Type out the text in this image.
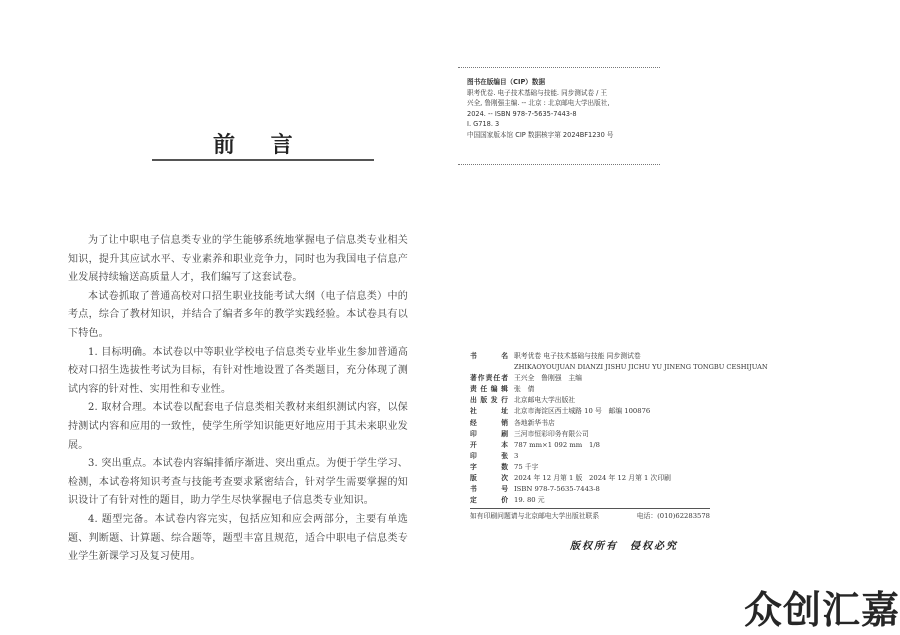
前 言

为了让中职电子信息类专业的学生能够系统地掌握电子信息类专业相关知识，提升其应试水平、专业素养和职业竞争力，同时也为我国电子信息产业发展持续输送高质量人才，我们编写了这套试卷。

本试卷抓取了普通高校对口招生职业技能考试大纲（电子信息类）中的考点，综合了教材知识，并结合了编者多年的教学实践经验。本试卷具有以下特色。

1. 目标明确。本试卷以中等职业学校电子信息类专业毕业生参加普通高校对口招生选拔性考试为目标，有针对性地设置了各类题目，充分体现了测试内容的针对性、实用性和专业性。

2. 取材合理。本试卷以配套电子信息类相关教材来组织测试内容，以保持测试内容和应用的一致性，使学生所学知识能更好地应用于其未来职业发展。

3. 突出重点。本试卷内容编排循序渐进、突出重点。为便于学生学习、检测，本试卷将知识考查与技能考查要求紧密结合，针对学生需要掌握的知识设计了有针对性的题目，助力学生尽快掌握电子信息类专业知识。

4. 题型完备。本试卷内容完实，包括应知和应会两部分，主要有单选题、判断题、计算题、综合题等，题型丰富且规范，适合中职电子信息类专业学生新课学习及复习使用。

图书在版编目（CIP）数据
职考优卷. 电子技术基础与技能. 同步测试卷 / 王
兴全, 鲁刚强主编. -- 北京 : 北京邮电大学出版社,
2024. -- ISBN 978-7-5635-7443-8
Ⅰ. G718. 3
中国国家版本馆 CIP 数据核字第 2024BF1230 号
书	名 职考优卷 电子技术基础与技能 同步测试卷
ZHIKAOYOUJUAN DIANZI JISHU JICHU YU JINENG TONGBU CESHIJUAN
著 作 责 任 者 王兴全　鲁刚强　主编
责 任 编 辑 张　倩
出 版 发 行 北京邮电大学出版社
社	址 北京市海淀区西土城路 10 号　邮编 100876
经	销 各地新华书店
印	刷 三河市恒彩印务有限公司
开	本 787 mm×1 092 mm　1/8
印	张 3
字	数 75 千字
版	次 2024 年 12 月第 1 版　2024 年 12 月第 1 次印刷
书	号 ISBN 978-7-5635-7443-8
定	价 19. 80 元
如有印刷问题请与北京邮电大学出版社联系	电话：(010)62283578
版权所有　侵权必究
众创汇嘉
